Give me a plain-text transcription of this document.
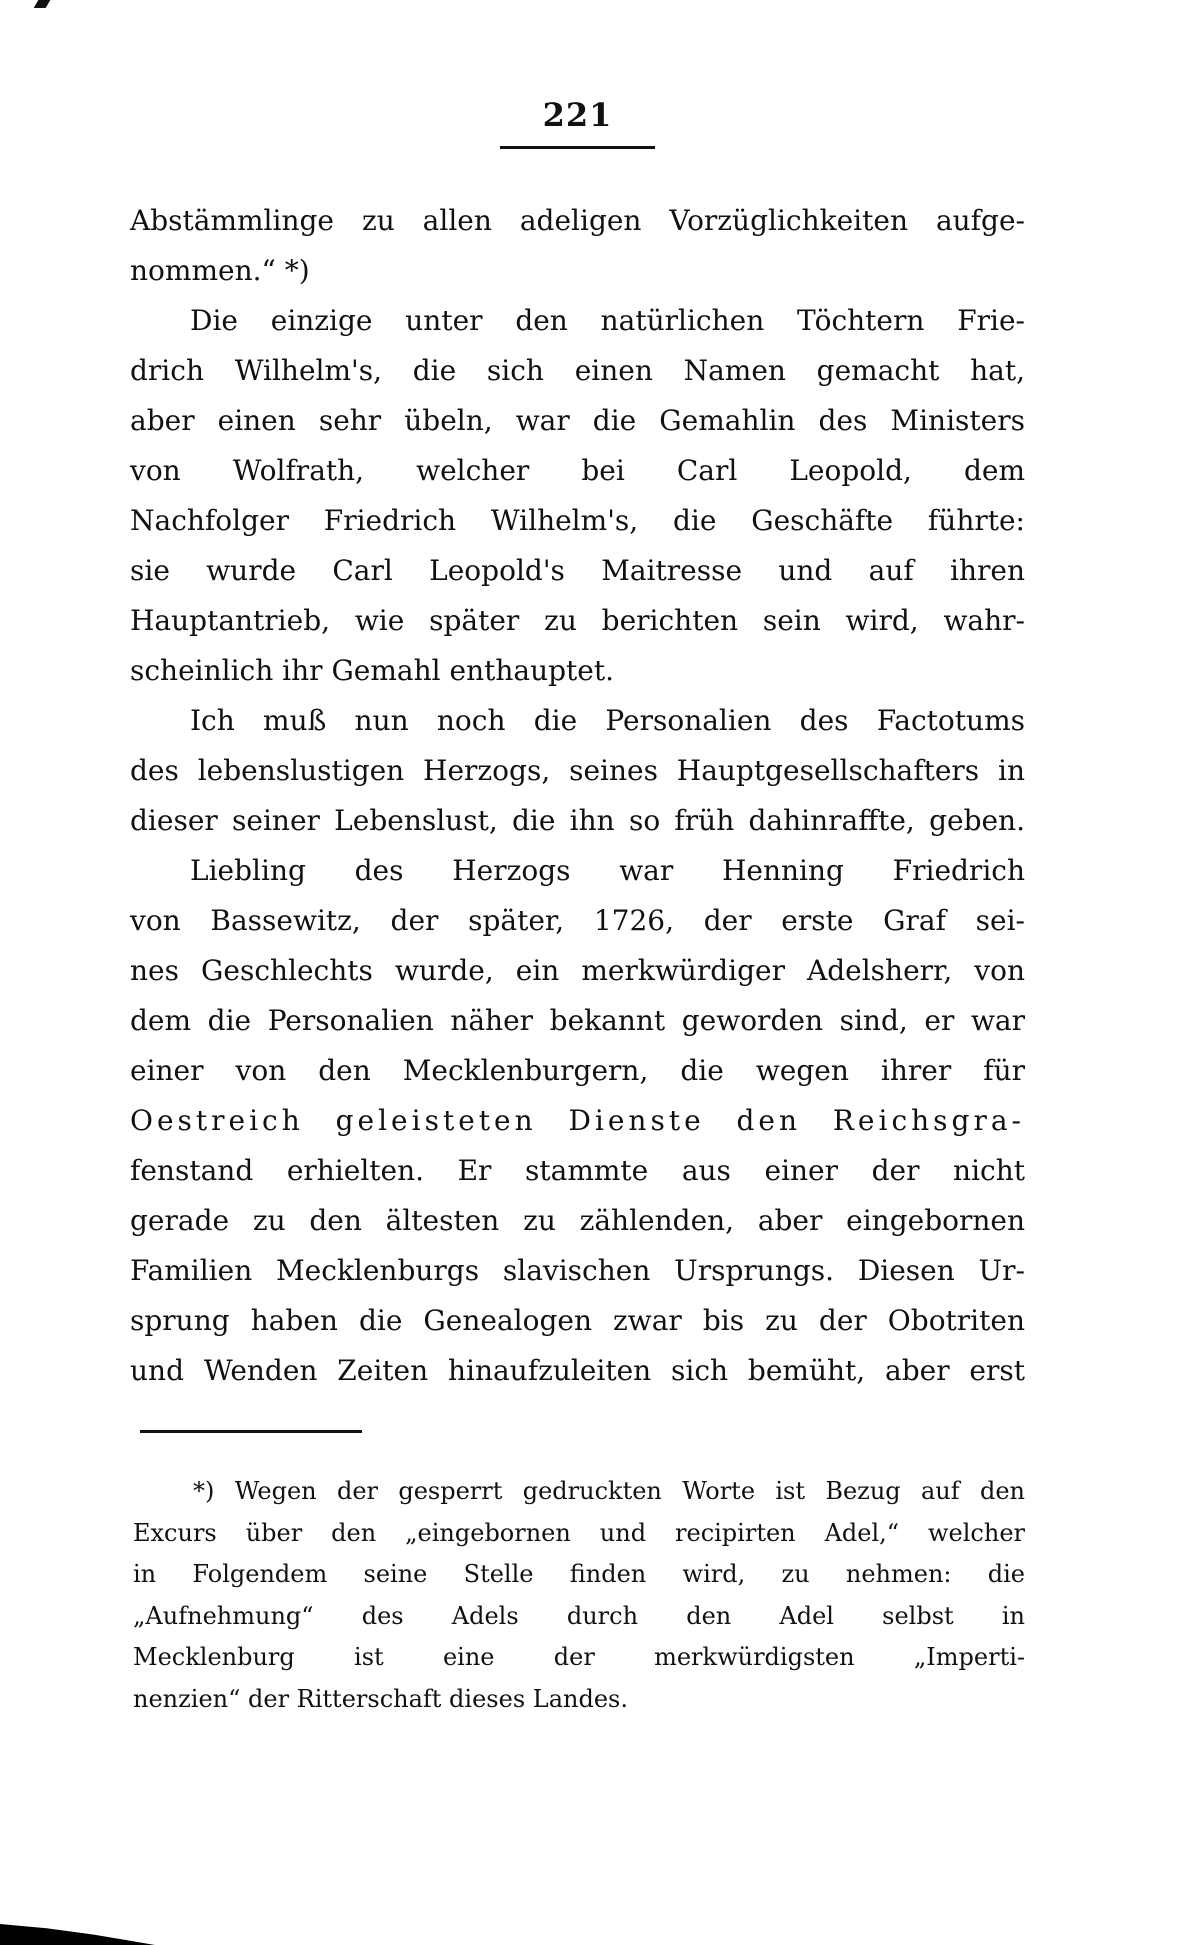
221
Abstämmlinge zu allen adeligen Vorzüglichkeiten aufge-
nommen.“ *)
Die einzige unter den natürlichen Töchtern Frie-
drich Wilhelm's, die sich einen Namen gemacht hat,
aber einen sehr übeln, war die Gemahlin des Ministers
von Wolfrath, welcher bei Carl Leopold, dem
Nachfolger Friedrich Wilhelm's, die Geschäfte führte:
sie wurde Carl Leopold's Maitresse und auf ihren
Hauptantrieb, wie später zu berichten sein wird, wahr-
scheinlich ihr Gemahl enthauptet.
Ich muß nun noch die Personalien des Factotums
des lebenslustigen Herzogs, seines Hauptgesellschafters in
dieser seiner Lebenslust, die ihn so früh dahinraffte, geben.
Liebling des Herzogs war Henning Friedrich
von Bassewitz, der später, 1726, der erste Graf sei-
nes Geschlechts wurde, ein merkwürdiger Adelsherr, von
dem die Personalien näher bekannt geworden sind, er war
einer von den Mecklenburgern, die wegen ihrer für
Oestreich geleisteten Dienste den Reichsgra-
fenstand erhielten. Er stammte aus einer der nicht
gerade zu den ältesten zu zählenden, aber eingebornen
Familien Mecklenburgs slavischen Ursprungs. Diesen Ur-
sprung haben die Genealogen zwar bis zu der Obotriten
und Wenden Zeiten hinaufzuleiten sich bemüht, aber erst
*) Wegen der gesperrt gedruckten Worte ist Bezug auf den
Excurs über den „eingebornen und recipirten Adel,“ welcher
in Folgendem seine Stelle finden wird, zu nehmen: die
„Aufnehmung“ des Adels durch den Adel selbst in
Mecklenburg ist eine der merkwürdigsten „Imperti-
nenzien“ der Ritterschaft dieses Landes.
